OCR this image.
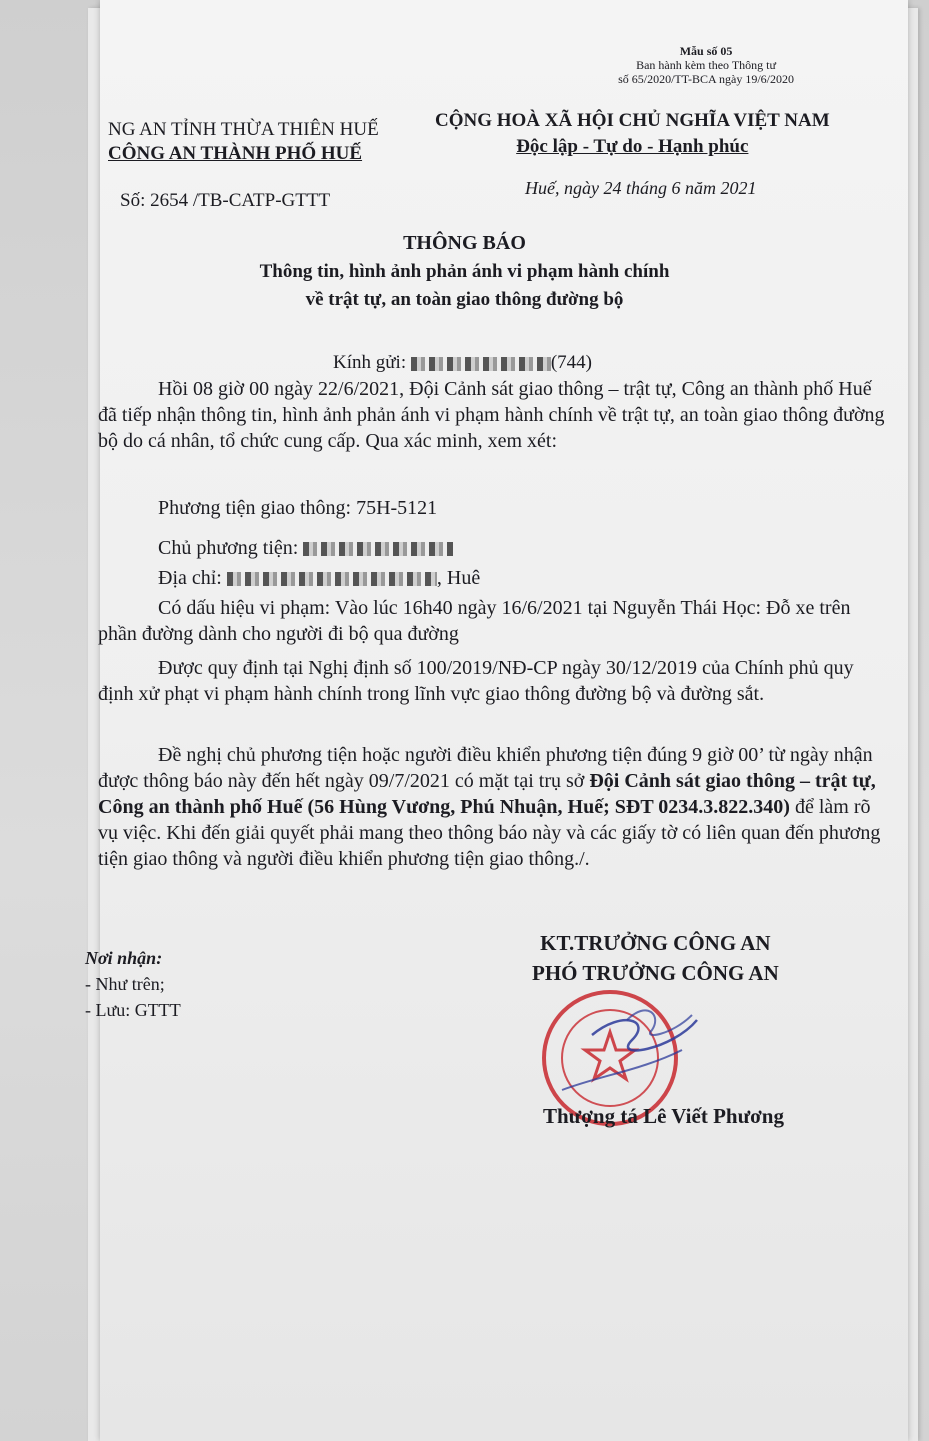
Mẫu số 05
Ban hành kèm theo Thông tư
số 65/2020/TT-BCA ngày 19/6/2020
NG AN TỈNH THỪA THIÊN HUẾ
CÔNG AN THÀNH PHỐ HUẾ
CỘNG HOÀ XÃ HỘI CHỦ NGHĨA VIỆT NAM
Độc lập - Tự do - Hạnh phúc
Số: 2654 /TB-CATP-GTTT
Huế, ngày 24 tháng 6 năm 2021
THÔNG BÁO
Thông tin, hình ảnh phản ánh vi phạm hành chính
về trật tự, an toàn giao thông đường bộ
Kính gửi:	(744)
Hồi 08 giờ 00 ngày 22/6/2021, Đội Cảnh sát giao thông – trật tự, Công an thành phố Huế đã tiếp nhận thông tin, hình ảnh phản ánh vi phạm hành chính về trật tự, an toàn giao thông đường bộ do cá nhân, tổ chức cung cấp. Qua xác minh, xem xét:
Phương tiện giao thông: 75H-5121
Chủ phương tiện:
Địa chỉ:	, Huê
Có dấu hiệu vi phạm: Vào lúc 16h40 ngày 16/6/2021 tại Nguyễn Thái Học: Đỗ xe trên phần đường dành cho người đi bộ qua đường
Được quy định tại Nghị định số 100/2019/NĐ-CP ngày 30/12/2019 của Chính phủ quy định xử phạt vi phạm hành chính trong lĩnh vực giao thông đường bộ và đường sắt.
Đề nghị chủ phương tiện hoặc người điều khiển phương tiện đúng 9 giờ 00’ từ ngày nhận được thông báo này đến hết ngày 09/7/2021 có mặt tại trụ sở Đội Cảnh sát giao thông – trật tự, Công an thành phố Huế (56 Hùng Vương, Phú Nhuận, Huế; SĐT 0234.3.822.340) để làm rõ vụ việc. Khi đến giải quyết phải mang theo thông báo này và các giấy tờ có liên quan đến phương tiện giao thông và người điều khiển phương tiện giao thông./.
Nơi nhận:
- Như trên;
- Lưu: GTTT
KT.TRƯỞNG CÔNG AN
PHÓ TRƯỞNG CÔNG AN
Thượng tá Lê Viết Phương
